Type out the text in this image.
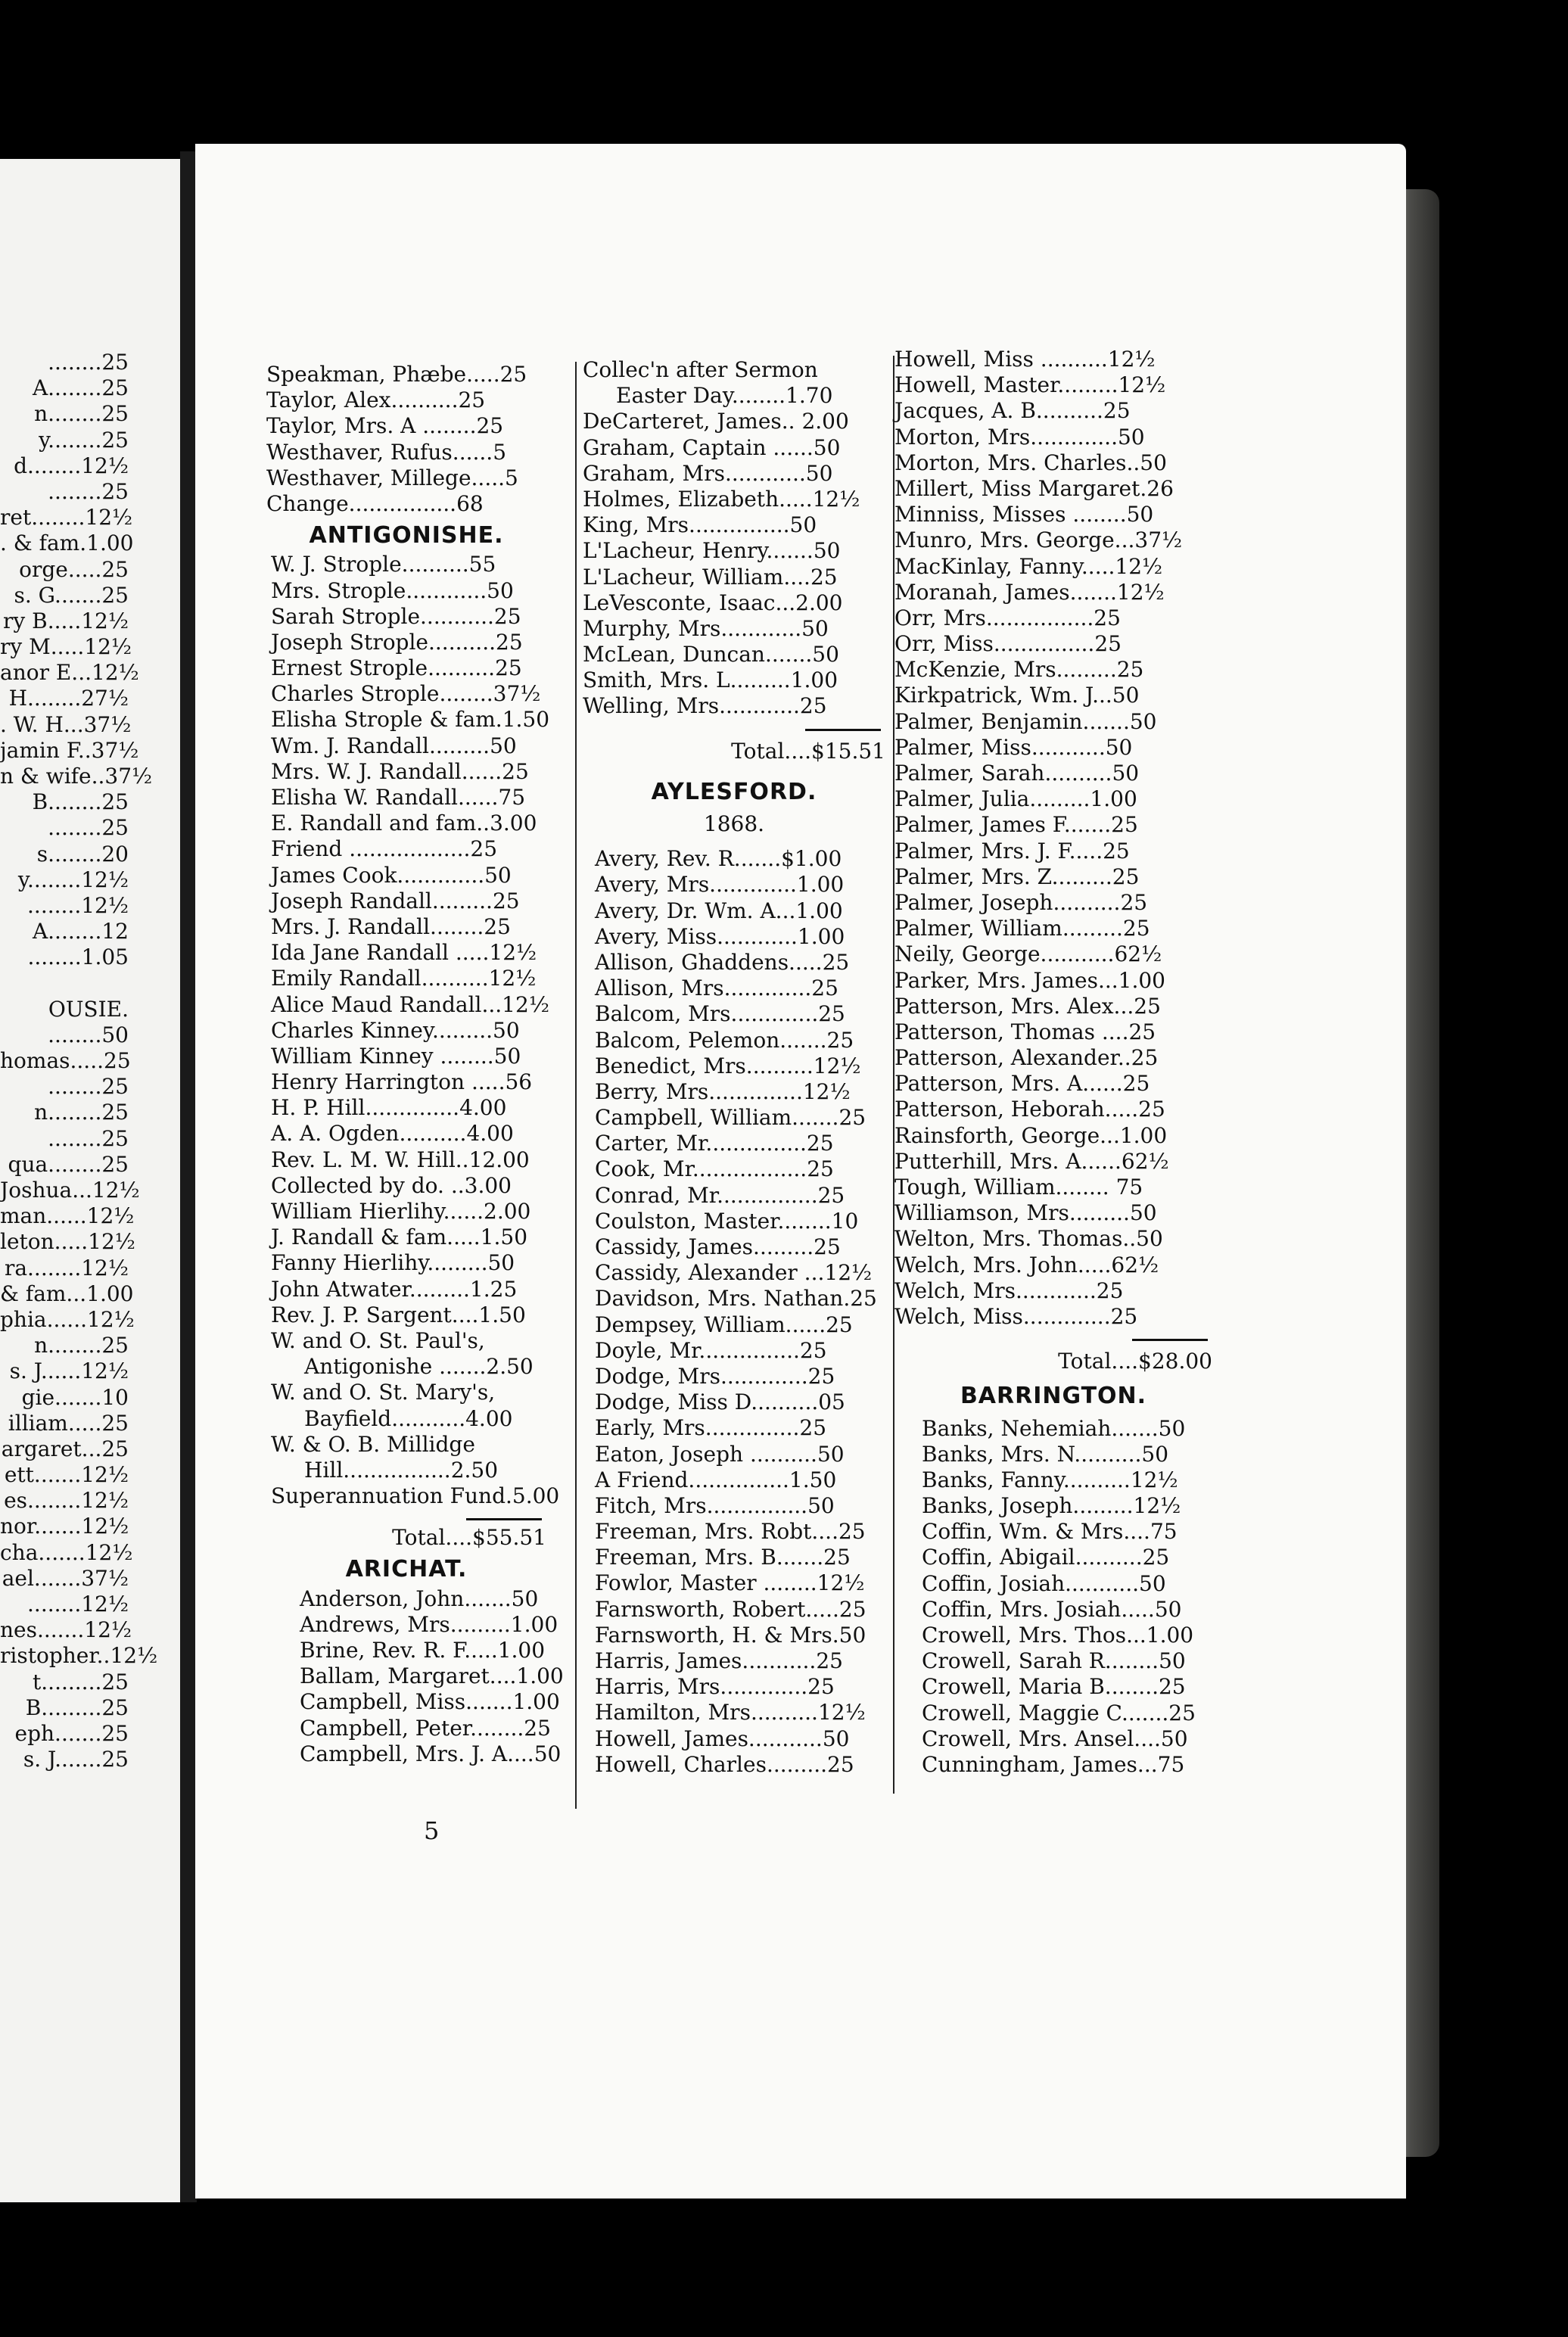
........25
A........25
n........25
y........25
d........12½
........25
ret........12½
. & fam.1.00
orge.....25
s. G.......25
ry B.....12½
ry M.....12½
anor E...12½
H........27½
. W. H...37½
jamin F..37½
n & wife..37½
B........25
........25
s........20
y........12½
........12½
A........12
........1.05
OUSIE.
........50
homas.....25
........25
n........25
........25
qua........25
Joshua...12½
man......12½
leton.....12½
ra........12½
& fam...1.00
phia......12½
n........25
s. J......12½
gie.......10
illiam.....25
argaret...25
ett.......12½
es........12½
nor.......12½
cha.......12½
ael.......37½
........12½
nes.......12½
ristopher..12½
t.........25
B.........25
eph.......25
s. J.......25
Speakman, Phæbe.....25
Taylor, Alex..........25
Taylor, Mrs. A ........25
Westhaver, Rufus......5
Westhaver, Millege.....5
Change................68
ANTIGONISHE.
W. J. Strople..........55
Mrs. Strople............50
Sarah Strople...........25
Joseph Strople..........25
Ernest Strople..........25
Charles Strople........37½
Elisha Strople & fam.1.50
Wm. J. Randall.........50
Mrs. W. J. Randall......25
Elisha W. Randall......75
E. Randall and fam..3.00
Friend ..................25
James Cook.............50
Joseph Randall.........25
Mrs. J. Randall........25
Ida Jane Randall .....12½
Emily Randall..........12½
Alice Maud Randall...12½
Charles Kinney.........50
William Kinney ........50
Henry Harrington .....56
H. P. Hill..............4.00
A. A. Ogden..........4.00
Rev. L. M. W. Hill..12.00
Collected by do. ..3.00
William Hierlihy......2.00
J. Randall & fam.....1.50
Fanny Hierlihy.........50
John Atwater.........1.25
Rev. J. P. Sargent....1.50
W. and O. St. Paul's,
Antigonishe .......2.50
W. and O. St. Mary's,
Bayfield...........4.00
W. & O. B. Millidge
Hill................2.50
Superannuation Fund.5.00
Total....$55.51
ARICHAT.
Anderson, John.......50
Andrews, Mrs.........1.00
Brine, Rev. R. F.....1.00
Ballam, Margaret....1.00
Campbell, Miss.......1.00
Campbell, Peter........25
Campbell, Mrs. J. A....50
Collec'n after Sermon
Easter Day........1.70
DeCarteret, James.. 2.00
Graham, Captain ......50
Graham, Mrs............50
Holmes, Elizabeth.....12½
King, Mrs...............50
L'Lacheur, Henry.......50
L'Lacheur, William....25
LeVesconte, Isaac...2.00
Murphy, Mrs............50
McLean, Duncan.......50
Smith, Mrs. L.........1.00
Welling, Mrs............25
Total....$15.51
AYLESFORD.
1868.
Avery, Rev. R.......$1.00
Avery, Mrs.............1.00
Avery, Dr. Wm. A...1.00
Avery, Miss............1.00
Allison, Ghaddens.....25
Allison, Mrs.............25
Balcom, Mrs.............25
Balcom, Pelemon.......25
Benedict, Mrs..........12½
Berry, Mrs..............12½
Campbell, William.......25
Carter, Mr...............25
Cook, Mr.................25
Conrad, Mr...............25
Coulston, Master........10
Cassidy, James.........25
Cassidy, Alexander ...12½
Davidson, Mrs. Nathan.25
Dempsey, William......25
Doyle, Mr...............25
Dodge, Mrs.............25
Dodge, Miss D..........05
Early, Mrs..............25
Eaton, Joseph ..........50
A Friend...............1.50
Fitch, Mrs...............50
Freeman, Mrs. Robt....25
Freeman, Mrs. B.......25
Fowlor, Master ........12½
Farnsworth, Robert.....25
Farnsworth, H. & Mrs.50
Harris, James...........25
Harris, Mrs.............25
Hamilton, Mrs..........12½
Howell, James...........50
Howell, Charles.........25
Howell, Miss ..........12½
Howell, Master.........12½
Jacques, A. B..........25
Morton, Mrs.............50
Morton, Mrs. Charles..50
Millert, Miss Margaret.26
Minniss, Misses ........50
Munro, Mrs. George...37½
MacKinlay, Fanny.....12½
Moranah, James.......12½
Orr, Mrs................25
Orr, Miss...............25
McKenzie, Mrs.........25
Kirkpatrick, Wm. J...50
Palmer, Benjamin.......50
Palmer, Miss...........50
Palmer, Sarah..........50
Palmer, Julia.........1.00
Palmer, James F.......25
Palmer, Mrs. J. F.....25
Palmer, Mrs. Z.........25
Palmer, Joseph..........25
Palmer, William.........25
Neily, George...........62½
Parker, Mrs. James...1.00
Patterson, Mrs. Alex...25
Patterson, Thomas ....25
Patterson, Alexander..25
Patterson, Mrs. A......25
Patterson, Heborah.....25
Rainsforth, George...1.00
Putterhill, Mrs. A......62½
Tough, William........ 75
Williamson, Mrs.........50
Welton, Mrs. Thomas..50
Welch, Mrs. John.....62½
Welch, Mrs............25
Welch, Miss.............25
Total....$28.00
BARRINGTON.
Banks, Nehemiah.......50
Banks, Mrs. N..........50
Banks, Fanny..........12½
Banks, Joseph.........12½
Coffin, Wm. & Mrs....75
Coffin, Abigail..........25
Coffin, Josiah...........50
Coffin, Mrs. Josiah.....50
Crowell, Mrs. Thos...1.00
Crowell, Sarah R........50
Crowell, Maria B........25
Crowell, Maggie C.......25
Crowell, Mrs. Ansel....50
Cunningham, James...75
5
